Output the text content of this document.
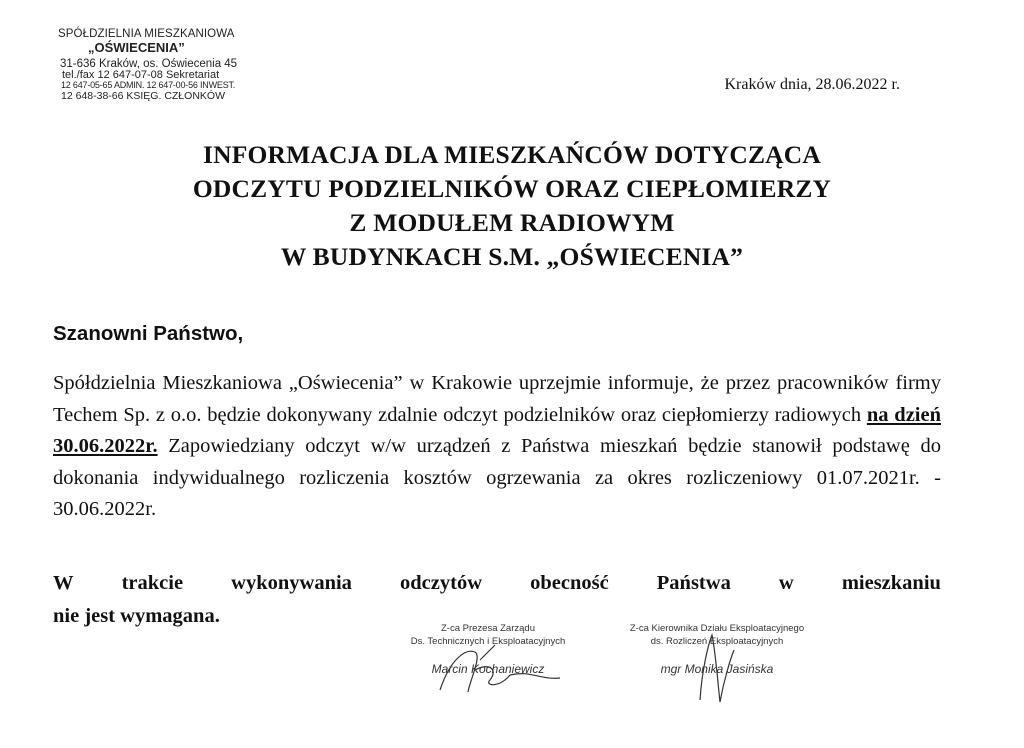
SPÓŁDZIELNIA MIESZKANIOWA
„OŚWIECENIA”
31-636 Kraków, os. Oświecenia 45
tel./fax 12 647-07-08 Sekretariat
12 647-05-65 ADMIN. 12 647-00-56 INWEST.
12 648-38-66 KSIĘG. CZŁONKÓW
Kraków dnia, 28.06.2022 r.
INFORMACJA DLA MIESZKAŃCÓW DOTYCZĄCA
ODCZYTU PODZIELNIKÓW ORAZ CIEPŁOMIERZY
Z MODUŁEM RADIOWYM
W BUDYNKACH S.M. „OŚWIECENIA”
Szanowni Państwo,
Spółdzielnia Mieszkaniowa „Oświecenia” w Krakowie uprzejmie informuje, że przez pracowników firmy Techem Sp. z o.o. będzie dokonywany zdalnie odczyt podzielników oraz ciepłomierzy radiowych na dzień 30.06.2022r. Zapowiedziany odczyt w/w urządzeń z Państwa mieszkań będzie stanowił podstawę do dokonania indywidualnego rozliczenia kosztów ogrzewania za okres rozliczeniowy 01.07.2021r. - 30.06.2022r.
W trakcie wykonywania odczytów obecność Państwa w mieszkaniu
nie jest wymagana.
Z-ca Prezesa Zarządu
Ds. Technicznych i Eksploatacyjnych
Marcin Kochaniewicz
Z-ca Kierownika Działu Eksploatacyjnego
ds. Rozliczeń Eksploatacyjnych
mgr Monika Jasińska
